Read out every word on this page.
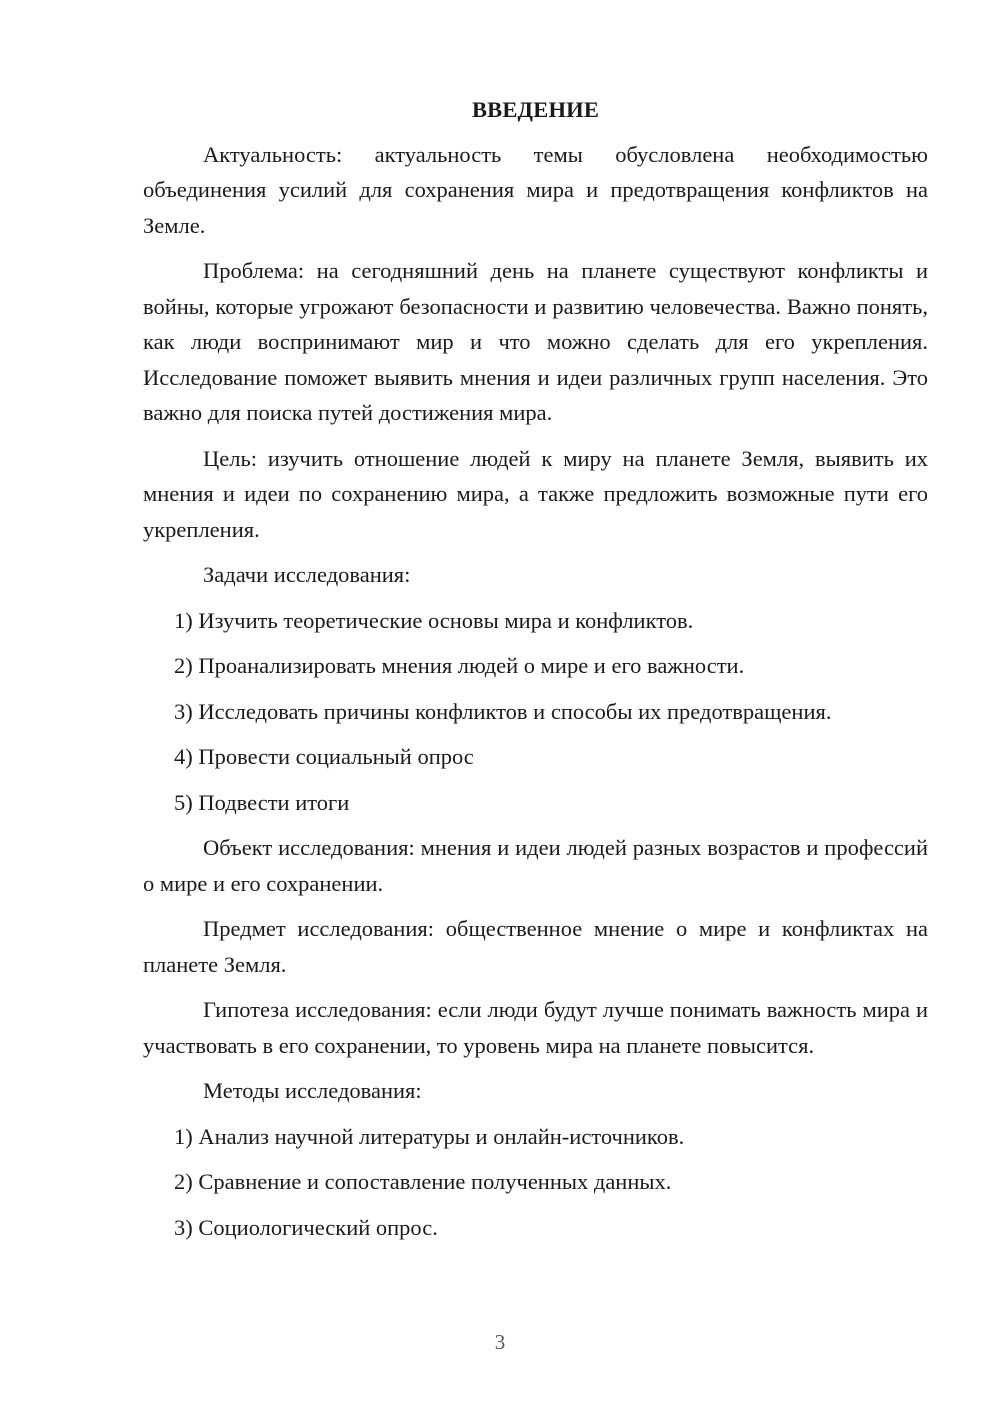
ВВЕДЕНИЕ

Актуальность: актуальность темы обусловлена необходимостью объединения усилий для сохранения мира и предотвращения конфликтов на Земле.

Проблема: на сегодняшний день на планете существуют конфликты и войны, которые угрожают безопасности и развитию человечества. Важно понять, как люди воспринимают мир и что можно сделать для его укрепления. Исследование поможет выявить мнения и идеи различных групп населения. Это важно для поиска путей достижения мира.

Цель: изучить отношение людей к миру на планете Земля, выявить их мнения и идеи по сохранению мира, а также предложить возможные пути его укрепления.

Задачи исследования:

1) Изучить теоретические основы мира и конфликтов.
2) Проанализировать мнения людей о мире и его важности.
3) Исследовать причины конфликтов и способы их предотвращения.
4) Провести социальный опрос
5) Подвести итоги

Объект исследования: мнения и идеи людей разных возрастов и профессий о мире и его сохранении.

Предмет исследования: общественное мнение о мире и конфликтах на планете Земля.

Гипотеза исследования: если люди будут лучше понимать важность мира и участвовать в его сохранении, то уровень мира на планете повысится.

Методы исследования:

1) Анализ научной литературы и онлайн-источников.
2) Сравнение и сопоставление полученных данных.
3) Социологический опрос.
3
